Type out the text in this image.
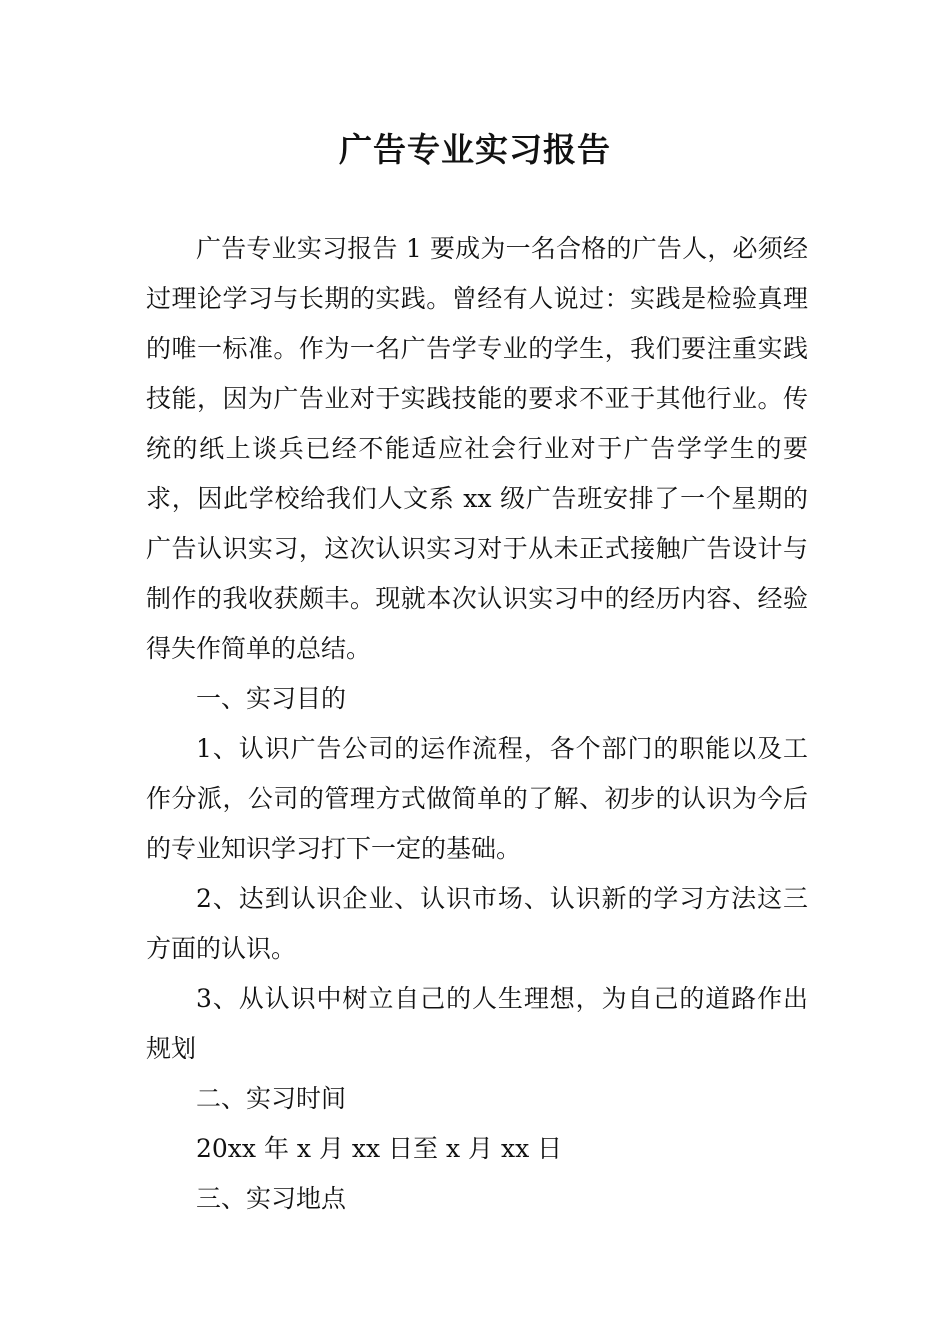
广告专业实习报告

广告专业实习报告 1 要成为一名合格的广告人，必须经过理论学习与长期的实践。曾经有人说过：实践是检验真理的唯一标准。作为一名广告学专业的学生，我们要注重实践技能，因为广告业对于实践技能的要求不亚于其他行业。传统的纸上谈兵已经不能适应社会行业对于广告学学生的要求，因此学校给我们人文系 xx 级广告班安排了一个星期的广告认识实习，这次认识实习对于从未正式接触广告设计与制作的我收获颇丰。现就本次认识实习中的经历内容、经验得失作简单的总结。

一、实习目的

1、认识广告公司的运作流程，各个部门的职能以及工作分派，公司的管理方式做简单的了解、初步的认识为今后的专业知识学习打下一定的基础。

2、达到认识企业、认识市场、认识新的学习方法这三方面的认识。

3、从认识中树立自己的人生理想，为自己的道路作出规划

二、实习时间

20xx 年 x 月 xx 日至 x 月 xx 日

三、实习地点
